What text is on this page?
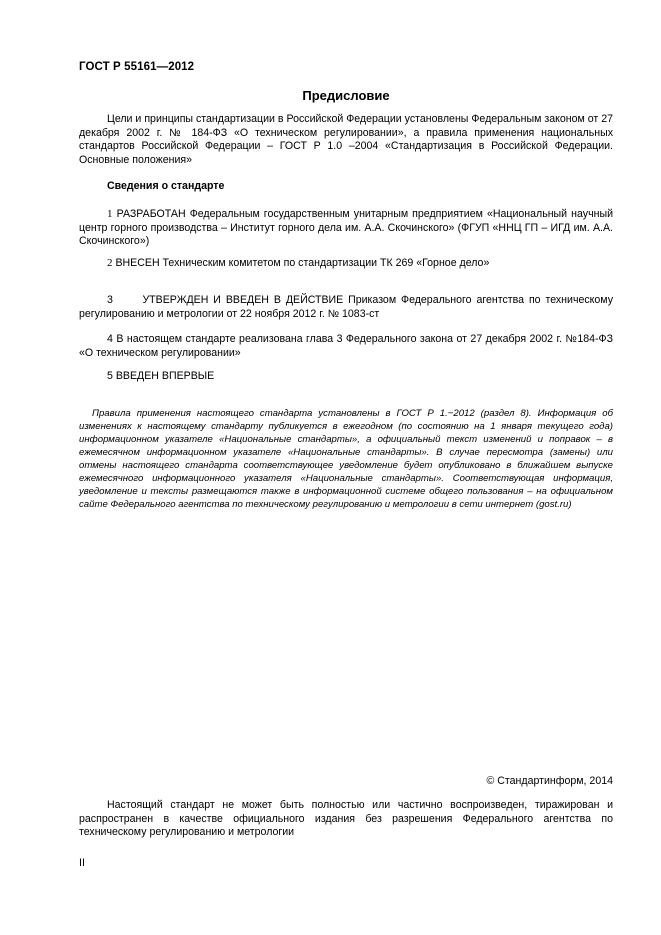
ГОСТ Р 55161—2012
Предисловие

Цели и принципы стандартизации в Российской Федерации установлены Федеральным законом от 27 декабря 2002 г. № 184-ФЗ «О техническом регулировании», а правила применения национальных стандартов Российской Федерации – ГОСТ Р 1.0 –2004 «Стандартизация в Российской Федерации. Основные положения»

Сведения о стандарте

1 РАЗРАБОТАН Федеральным государственным унитарным предприятием «Национальный научный центр горного производства – Институт горного дела им. А.А. Скочинского» (ФГУП «ННЦ ГП – ИГД им. А.А. Скочинского»)

2 ВНЕСЕН Техническим комитетом по стандартизации ТК 269 «Горное дело»

3	УТВЕРЖДЕН И ВВЕДЕН В ДЕЙСТВИЕ Приказом Федерального агентства по техническому регулированию и метрологии от 22 ноября 2012 г. № 1083-ст

4 В настоящем стандарте реализована глава 3 Федерального закона от 27 декабря 2002 г. №184-ФЗ «О техническом регулировании»

5 ВВЕДЕН ВПЕРВЫЕ

Правила применения настоящего стандарта установлены в ГОСТ Р 1.−2012 (раздел 8). Информация об изменениях к настоящему стандарту публикуется в ежегодном (по состоянию на 1 января текущего года) информационном указателе «Национальные стандарты», а официальный текст изменений и поправок – в ежемесячном информационном указателе «Национальные стандарты». В случае пересмотра (замены) или отмены настоящего стандарта соответствующее уведомление будет опубликовано в ближайшем выпуске ежемесячного информационного указателя «Национальные стандарты». Соответствующая информация, уведомление и тексты размещаются также в информационной системе общего пользования – на официальном сайте Федерального агентства по техническому регулированию и метрологии в сети интернет (gost.ru)

© Стандартинформ, 2014

Настоящий стандарт не может быть полностью или частично воспроизведен, тиражирован и распространен в качестве официального издания без разрешения Федерального агентства по техническому регулированию и метрологии

II
